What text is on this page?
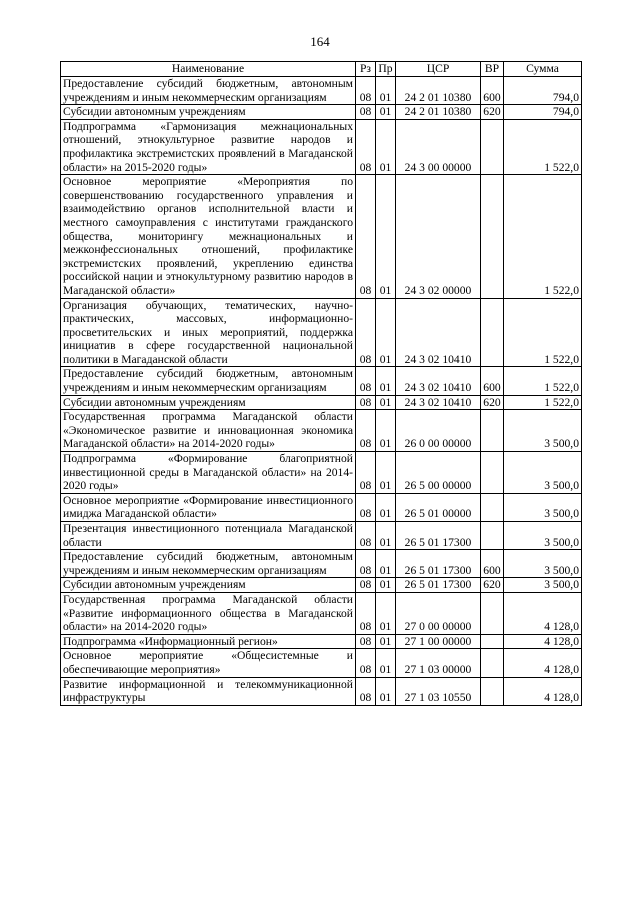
164
Наименование	Рз	Пр	ЦСР	ВР	Сумма
Предоставление субсидий бюджетным, автономным учреждениям и иным некоммерческим организациям	08	01	24 2 01 10380	600	794,0
Субсидии автономным учреждениям	08	01	24 2 01 10380	620	794,0
Подпрограмма «Гармонизация межнациональных отношений, этнокультурное развитие народов и профилактика экстремистских проявлений в Магаданской области» на 2015-2020 годы»	08	01	24 3 00 00000		1 522,0
Основное мероприятие «Мероприятия по совершенствованию государственного управления и взаимодействию органов исполнительной власти и местного самоуправления с институтами гражданского общества, мониторингу межнациональных и межконфессиональных отношений, профилактике экстремистских проявлений, укреплению единства российской нации и этнокультурному развитию народов в Магаданской области»	08	01	24 3 02 00000		1 522,0
Организация обучающих, тематических, научно-практических, массовых, информационно-просветительских и иных мероприятий, поддержка инициатив в сфере государственной национальной политики в Магаданской области	08	01	24 3 02 10410		1 522,0
Предоставление субсидий бюджетным, автономным учреждениям и иным некоммерческим организациям	08	01	24 3 02 10410	600	1 522,0
Субсидии автономным учреждениям	08	01	24 3 02 10410	620	1 522,0
Государственная программа Магаданской области «Экономическое развитие и инновационная экономика Магаданской области» на 2014-2020 годы»	08	01	26 0 00 00000		3 500,0
Подпрограмма «Формирование благоприятной инвестиционной среды в Магаданской области» на 2014-2020 годы»	08	01	26 5 00 00000		3 500,0
Основное мероприятие «Формирование инвестиционного имиджа Магаданской области»	08	01	26 5 01 00000		3 500,0
Презентация инвестиционного потенциала Магаданской области	08	01	26 5 01 17300		3 500,0
Предоставление субсидий бюджетным, автономным учреждениям и иным некоммерческим организациям	08	01	26 5 01 17300	600	3 500,0
Субсидии автономным учреждениям	08	01	26 5 01 17300	620	3 500,0
Государственная программа Магаданской области «Развитие информационного общества в Магаданской области» на 2014-2020 годы»	08	01	27 0 00 00000		4 128,0
Подпрограмма «Информационный регион»	08	01	27 1 00 00000		4 128,0
Основное мероприятие «Общесистемные и обеспечивающие мероприятия»	08	01	27 1 03 00000		4 128,0
Развитие информационной и телекоммуникационной инфраструктуры	08	01	27 1 03 10550		4 128,0
